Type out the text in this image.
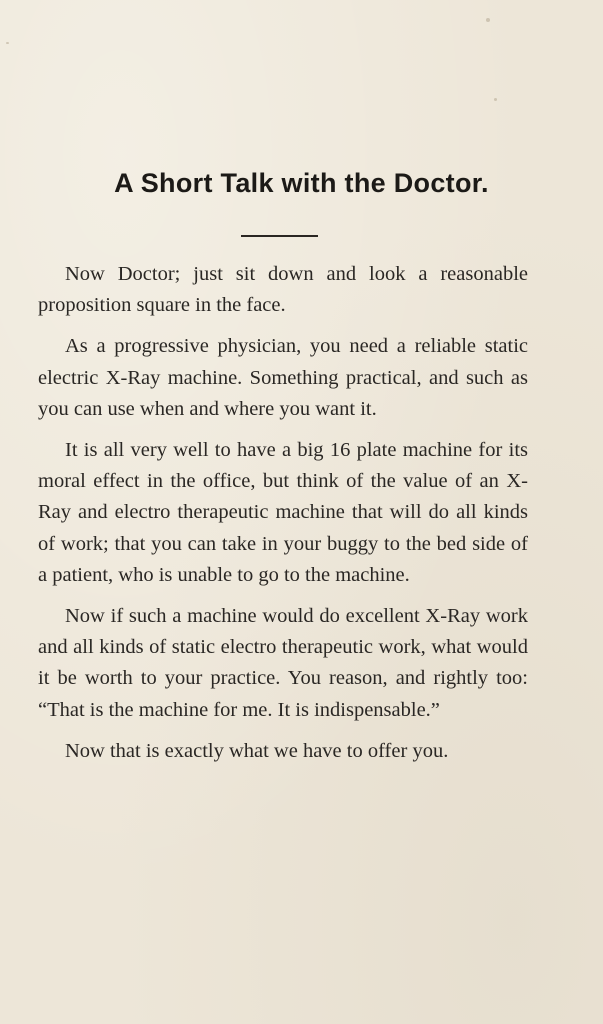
A Short Talk with the Doctor.

Now Doctor; just sit down and look a reasonable proposition square in the face.

As a progressive physician, you need a reliable static electric X-Ray machine. Something practical, and such as you can use when and where you want it.

It is all very well to have a big 16 plate machine for its moral effect in the office, but think of the value of an X-Ray and electro therapeutic machine that will do all kinds of work; that you can take in your buggy to the bed side of a patient, who is unable to go to the machine.

Now if such a machine would do excellent X-Ray work and all kinds of static electro therapeutic work, what would it be worth to your practice. You reason, and rightly too: “That is the machine for me. It is indispensable.”

Now that is exactly what we have to offer you.
